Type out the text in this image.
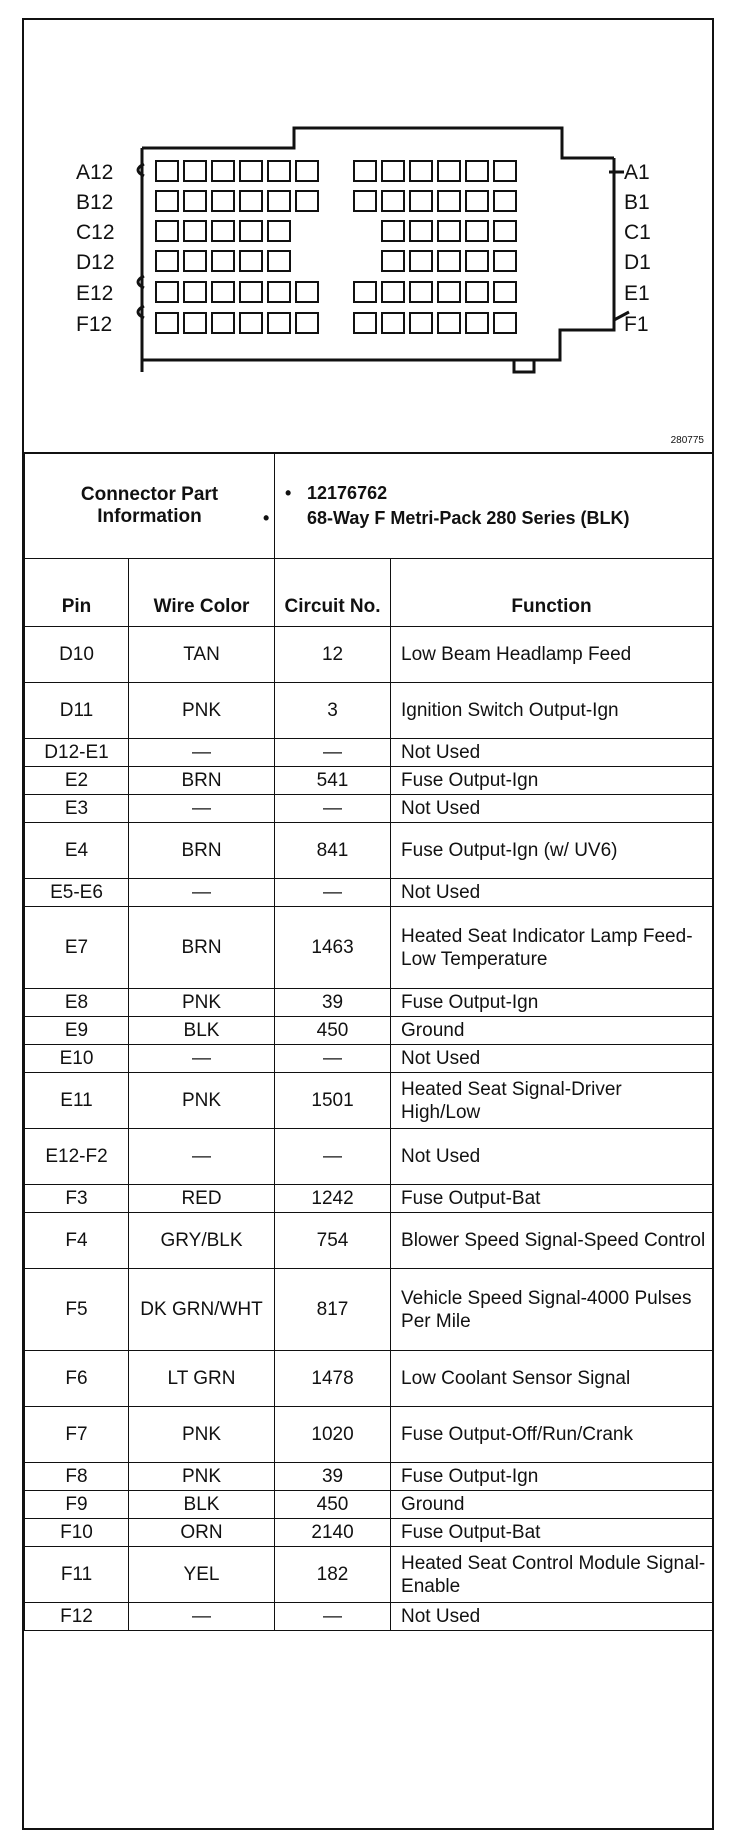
A12
B12
C12
D12
E12
F12
A1
B1
C1
D1
E1
F1
280775
Connector Part Information		• 12176762
• 68-Way F Metri-Pack 280 Series (BLK)	

Pin	Wire Color	Circuit No.	Function
D10	TAN	12	Low Beam Headlamp Feed
D11	PNK	3	Ignition Switch Output-Ign
D12-E1	—	—	Not Used
E2	BRN	541	Fuse Output-Ign
E3	—	—	Not Used
E4	BRN	841	Fuse Output-Ign (w/ UV6)
E5-E6	—	—	Not Used
E7	BRN	1463	Heated Seat Indicator Lamp Feed-Low Temperature
E8	PNK	39	Fuse Output-Ign
E9	BLK	450	Ground
E10	—	—	Not Used
E11	PNK	1501	Heated Seat Signal-Driver High/Low
E12-F2	—	—	Not Used
F3	RED	1242	Fuse Output-Bat
F4	GRY/BLK	754	Blower Speed Signal-Speed Control
F5	DK GRN/WHT	817	Vehicle Speed Signal-4000 Pulses Per Mile
F6	LT GRN	1478	Low Coolant Sensor Signal
F7	PNK	1020	Fuse Output-Off/Run/Crank
F8	PNK	39	Fuse Output-Ign
F9	BLK	450	Ground
F10	ORN	2140	Fuse Output-Bat
F11	YEL	182	Heated Seat Control Module Signal-Enable
F12	—	—	Not Used
